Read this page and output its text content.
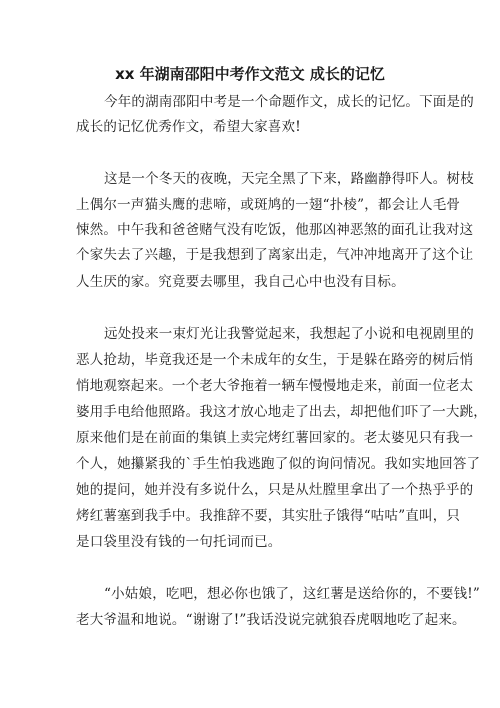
xx 年湖南邵阳中考作文范文 成长的记忆
今年的湖南邵阳中考是一个命题作文，成长的记忆。下面是的
成长的记忆优秀作文，希望大家喜欢!
这是一个冬天的夜晚，天完全黑了下来，路幽静得吓人。树枝
上偶尔一声猫头鹰的悲啼，或斑鸠的一翅“扑棱”，都会让人毛骨
悚然。中午我和爸爸赌气没有吃饭，他那凶神恶煞的面孔让我对这
个家失去了兴趣，于是我想到了离家出走，气冲冲地离开了这个让
人生厌的家。究竟要去哪里，我自己心中也没有目标。
远处投来一束灯光让我警觉起来，我想起了小说和电视剧里的
恶人抢劫，毕竟我还是一个未成年的女生，于是躲在路旁的树后悄
悄地观察起来。一个老大爷拖着一辆车慢慢地走来，前面一位老太
婆用手电给他照路。我这才放心地走了出去，却把他们吓了一大跳，
原来他们是在前面的集镇上卖完烤红薯回家的。老太婆见只有我一
个人，她攥紧我的`手生怕我逃跑了似的询问情况。我如实地回答了
她的提问，她并没有多说什么，只是从灶膛里拿出了一个热乎乎的
烤红薯塞到我手中。我推辞不要，其实肚子饿得“咕咕”直叫，只
是口袋里没有钱的一句托词而已。
“小姑娘，吃吧，想必你也饿了，这红薯是送给你的，不要钱!”
老大爷温和地说。“谢谢了!”我话没说完就狼吞虎咽地吃了起来。
